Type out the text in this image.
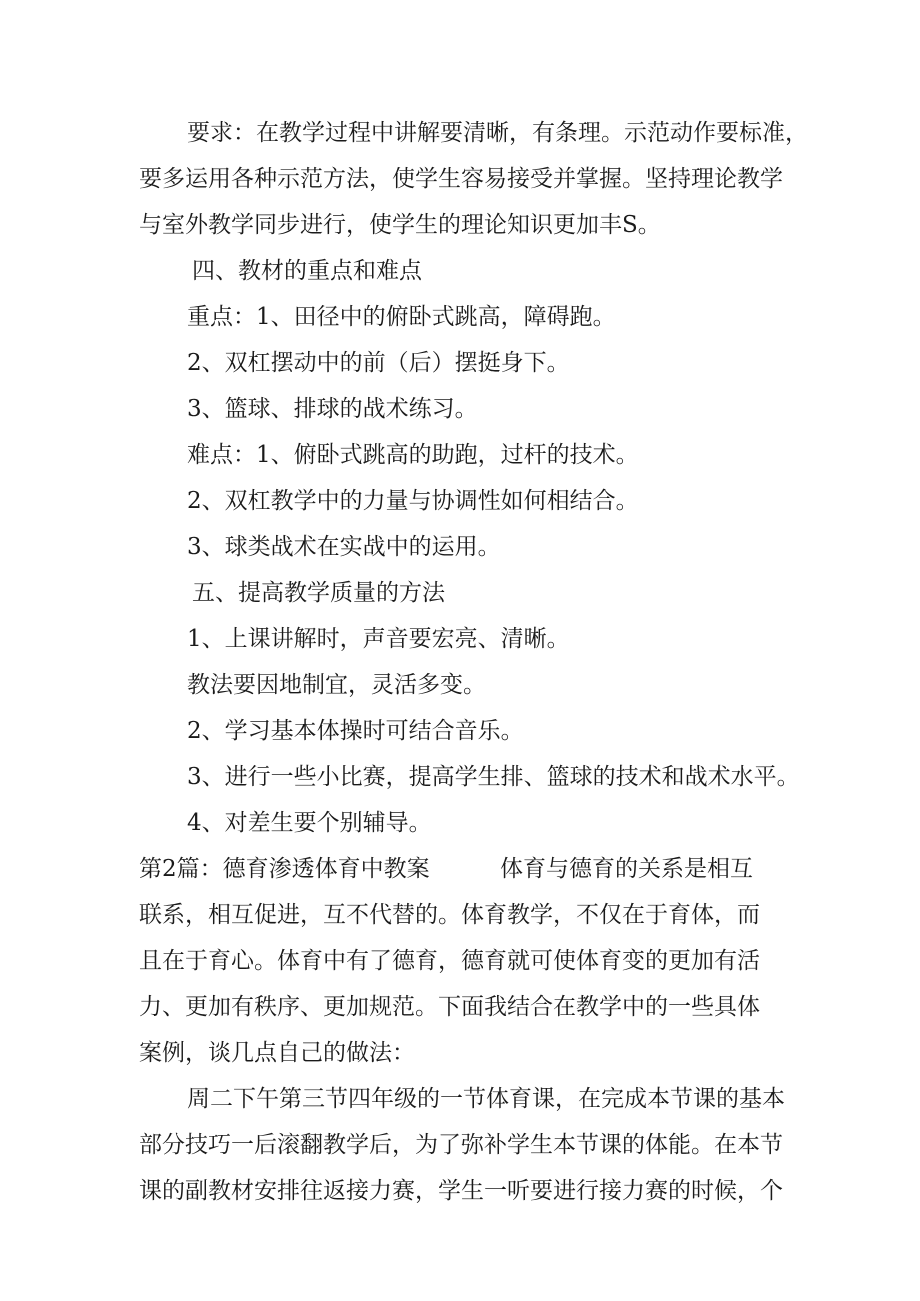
要求：在教学过程中讲解要清晰，有条理。示范动作要标准，
要多运用各种示范方法，使学生容易接受并掌握。坚持理论教学
与室外教学同步进行，使学生的理论知识更加丰S。
四、教材的重点和难点
重点：1、田径中的俯卧式跳高，障碍跑。
2、双杠摆动中的前（后）摆挺身下。
3、篮球、排球的战术练习。
难点：1、俯卧式跳高的助跑，过杆的技术。
2、双杠教学中的力量与协调性如何相结合。
3、球类战术在实战中的运用。
五、提高教学质量的方法
1、上课讲解时，声音要宏亮、清晰。
教法要因地制宜，灵活多变。
2、学习基本体操时可结合音乐。
3、进行一些小比赛，提高学生排、篮球的技术和战术水平。
4、对差生要个别辅导。
第2篇：德育渗透体育中教案	体育与德育的关系是相互
联系，相互促进，互不代替的。体育教学，不仅在于育体，而
且在于育心。体育中有了德育，德育就可使体育变的更加有活
力、更加有秩序、更加规范。下面我结合在教学中的一些具体
案例，谈几点自己的做法：
周二下午第三节四年级的一节体育课，在完成本节课的基本
部分技巧一后滚翻教学后，为了弥补学生本节课的体能。在本节
课的副教材安排往返接力赛，学生一听要进行接力赛的时候，个
